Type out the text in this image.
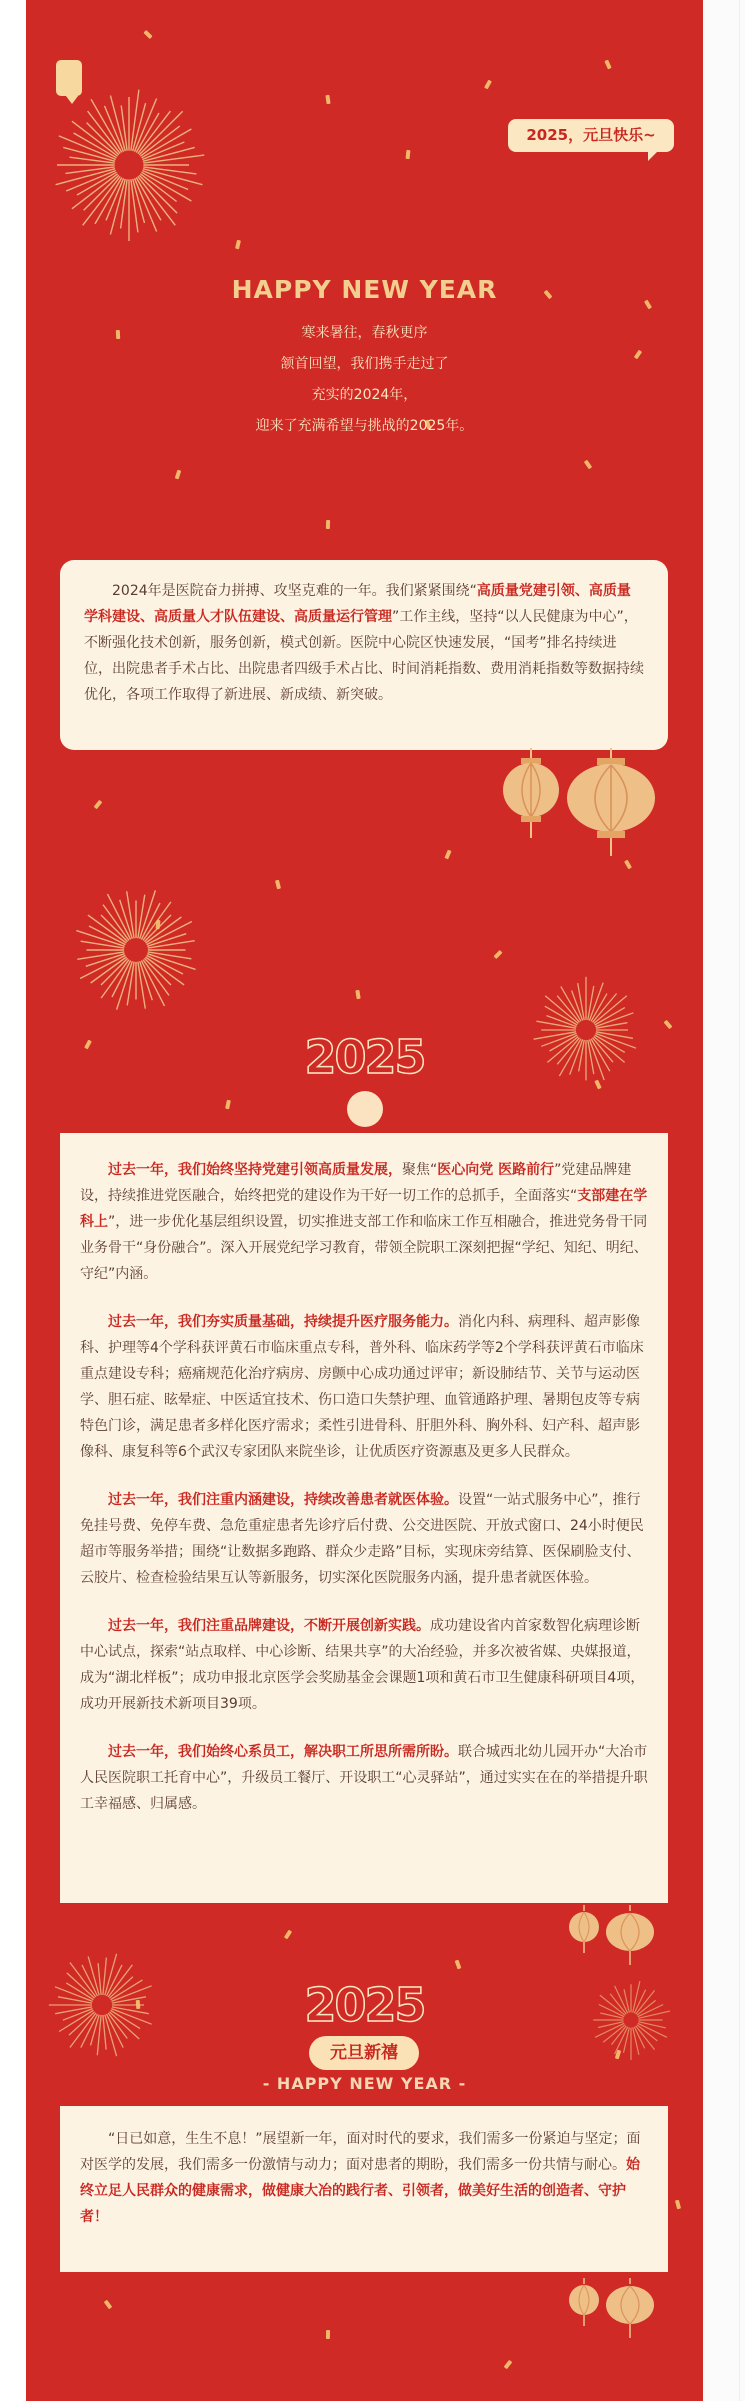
2025，元旦快乐~
HAPPY NEW YEAR
寒来暑往，春秋更序
颔首回望，我们携手走过了
充实的2024年，
迎来了充满希望与挑战的2025年。

2024年是医院奋力拼搏、攻坚克难的一年。我们紧紧围绕“高质量党建引领、高质量学科建设、高质量人才队伍建设、高质量运行管理”工作主线，坚持“以人民健康为中心”，不断强化技术创新，服务创新，模式创新。医院中心院区快速发展，“国考”排名持续进位，出院患者手术占比、出院患者四级手术占比、时间消耗指数、费用消耗指数等数据持续优化，各项工作取得了新进展、新成绩、新突破。

2025

过去一年，我们始终坚持党建引领高质量发展，聚焦“医心向党 医路前行”党建品牌建设，持续推进党医融合，始终把党的建设作为干好一切工作的总抓手，全面落实“支部建在学科上”，进一步优化基层组织设置，切实推进支部工作和临床工作互相融合，推进党务骨干同业务骨干“身份融合”。深入开展党纪学习教育，带领全院职工深刻把握“学纪、知纪、明纪、守纪”内涵。

过去一年，我们夯实质量基础，持续提升医疗服务能力。消化内科、病理科、超声影像科、护理等4个学科获评黄石市临床重点专科，普外科、临床药学等2个学科获评黄石市临床重点建设专科；癌痛规范化治疗病房、房颤中心成功通过评审；新设肺结节、关节与运动医学、胆石症、眩晕症、中医适宜技术、伤口造口失禁护理、血管通路护理、暑期包皮等专病特色门诊，满足患者多样化医疗需求；柔性引进骨科、肝胆外科、胸外科、妇产科、超声影像科、康复科等6个武汉专家团队来院坐诊，让优质医疗资源惠及更多人民群众。

过去一年，我们注重内涵建设，持续改善患者就医体验。设置“一站式服务中心”，推行免挂号费、免停车费、急危重症患者先诊疗后付费、公交进医院、开放式窗口、24小时便民超市等服务举措；围绕“让数据多跑路、群众少走路”目标，实现床旁结算、医保刷脸支付、云胶片、检查检验结果互认等新服务，切实深化医院服务内涵，提升患者就医体验。

过去一年，我们注重品牌建设，不断开展创新实践。成功建设省内首家数智化病理诊断中心试点，探索“站点取样、中心诊断、结果共享”的大冶经验，并多次被省媒、央媒报道，成为“湖北样板”；成功申报北京医学会奖励基金会课题1项和黄石市卫生健康科研项目4项，成功开展新技术新项目39项。

过去一年，我们始终心系员工，解决职工所思所需所盼。联合城西北幼儿园开办“大冶市人民医院职工托育中心”，升级员工餐厅、开设职工“心灵驿站”，通过实实在在的举措提升职工幸福感、归属感。

2025
元旦新禧
- HAPPY NEW YEAR -

“日已如意，生生不息！”展望新一年，面对时代的要求，我们需多一份紧迫与坚定；面对医学的发展，我们需多一份激情与动力；面对患者的期盼，我们需多一份共情与耐心。始终立足人民群众的健康需求，做健康大冶的践行者、引领者，做美好生活的创造者、守护者！
